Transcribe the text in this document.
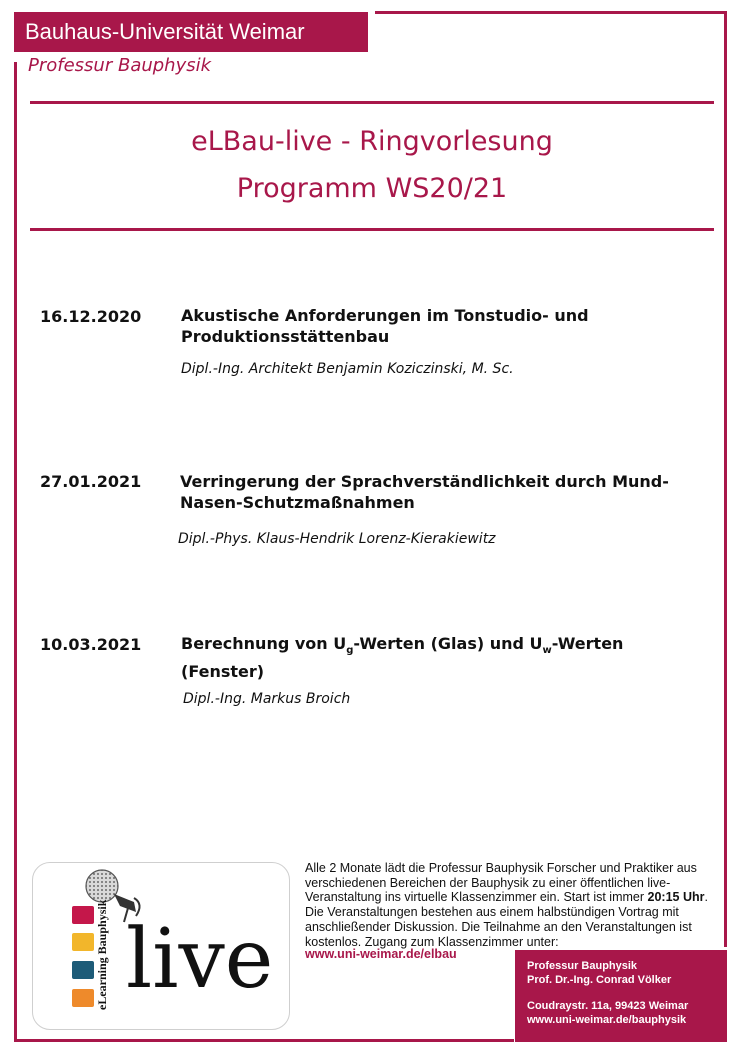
Bauhaus-Universität Weimar
Professur Bauphysik
eLBau-live - Ringvorlesung
Programm WS20/21
16.12.2020 Akustische Anforderungen im Tonstudio- und Produktionsstättenbau
Dipl.-Ing. Architekt Benjamin Koziczinski, M. Sc.
27.01.2021 Verringerung der Sprachverständlichkeit durch Mund-Nasen-Schutzmaßnahmen
Dipl.-Phys. Klaus-Hendrik Lorenz-Kierakiewitz
10.03.2021 Berechnung von $U_g$-Werten (Glas) und $U_w$-Werten (Fenster)
Dipl.-Ing. Markus Broich
eLearning Bauphysik live
Alle 2 Monate lädt die Professur Bauphysik Forscher und Praktiker aus verschiedenen Bereichen der Bauphysik zu einer öffentlichen live-Veranstaltung ins virtuelle Klassenzimmer ein. Start ist immer 20:15 Uhr. Die Veranstaltungen bestehen aus einem halbstündigen Vortrag mit anschließender Diskussion. Die Teilnahme an den Veranstaltungen ist kostenlos. Zugang zum Klassenzimmer unter:
www.uni-weimar.de/elbau
Professur Bauphysik
Prof. Dr.-Ing. Conrad Völker
Coudraystr. 11a, 99423 Weimar
www.uni-weimar.de/bauphysik
